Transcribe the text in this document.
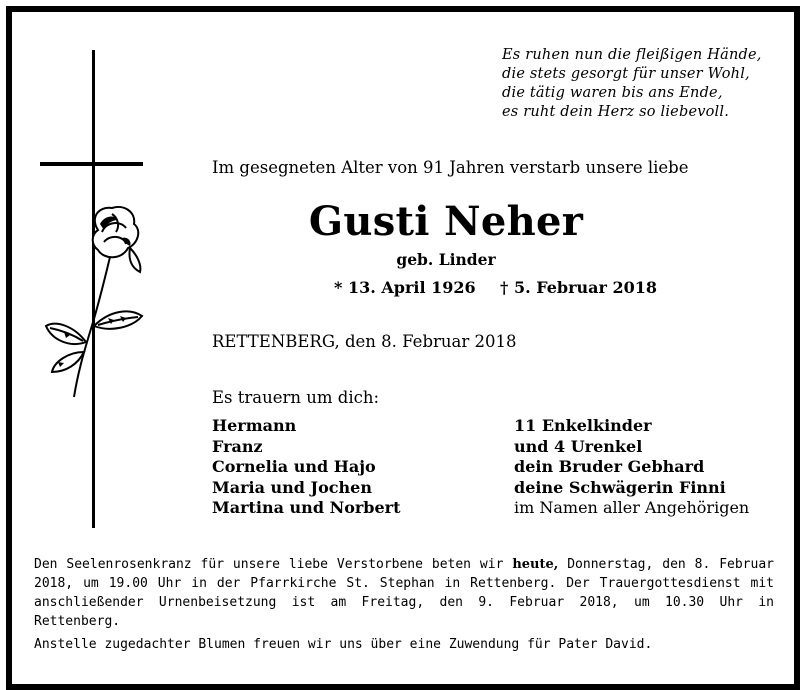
Es ruhen nun die fleißigen Hände,
die stets gesorgt für unser Wohl,
die tätig waren bis ans Ende,
es ruht dein Herz so liebevoll.
Im gesegneten Alter von 91 Jahren verstarb unsere liebe
Gusti Neher
geb. Linder
* 13. April 1926 † 5. Februar 2018
RETTENBERG, den 8. Februar 2018
Es trauern um dich:
Hermann
Franz
Cornelia und Hajo
Maria und Jochen
Martina und Norbert
11 Enkelkinder
und 4 Urenkel
dein Bruder Gebhard
deine Schwägerin Finni
im Namen aller Angehörigen

Den Seelenrosenkranz für unsere liebe Verstorbene beten wir heute, Donnerstag, den 8. Februar 2018, um 19.00 Uhr in der Pfarrkirche St. Stephan in Rettenberg. Der Trauergottesdienst mit anschließender Urnenbeisetzung ist am Freitag, den 9. Februar 2018, um 10.30 Uhr in Rettenberg.

Anstelle zugedachter Blumen freuen wir uns über eine Zuwendung für Pater David.
